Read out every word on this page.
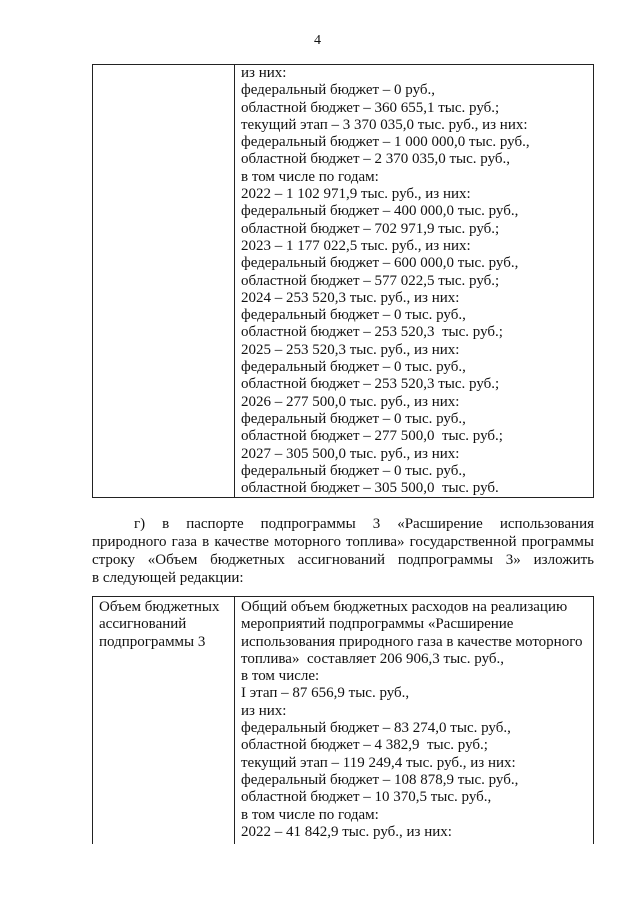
4

из них:
федеральный бюджет – 0 руб.,
областной бюджет – 360 655,1 тыс. руб.;
текущий этап – 3 370 035,0 тыс. руб., из них:
федеральный бюджет – 1 000 000,0 тыс. руб.,
областной бюджет – 2 370 035,0 тыс. руб.,
в том числе по годам:
2022 – 1 102 971,9 тыс. руб., из них:
федеральный бюджет – 400 000,0 тыс. руб.,
областной бюджет – 702 971,9 тыс. руб.;
2023 – 1 177 022,5 тыс. руб., из них:
федеральный бюджет – 600 000,0 тыс. руб.,
областной бюджет – 577 022,5 тыс. руб.;
2024 – 253 520,3 тыс. руб., из них:
федеральный бюджет – 0 тыс. руб.,
областной бюджет – 253 520,3  тыс. руб.;
2025 – 253 520,3 тыс. руб., из них:
федеральный бюджет – 0 тыс. руб.,
областной бюджет – 253 520,3 тыс. руб.;
2026 – 277 500,0 тыс. руб., из них:
федеральный бюджет – 0 тыс. руб.,
областной бюджет – 277 500,0  тыс. руб.;
2027 – 305 500,0 тыс. руб., из них:
федеральный бюджет – 0 тыс. руб.,
областной бюджет – 305 500,0  тыс. руб.
г) в паспорте подпрограммы 3 «Расширение использования
природного газа в качестве моторного топлива» государственной программы
строку «Объем бюджетных ассигнований подпрограммы 3» изложить
в следующей редакции:
Объем бюджетных
ассигнований
подпрограммы 3

Общий объем бюджетных расходов на реализацию
мероприятий подпрограммы «Расширение
использования природного газа в качестве моторного
топлива»  составляет 206 906,3 тыс. руб.,
в том числе:
I этап – 87 656,9 тыс. руб.,
из них:
федеральный бюджет – 83 274,0 тыс. руб.,
областной бюджет – 4 382,9  тыс. руб.;
текущий этап – 119 249,4 тыс. руб., из них:
федеральный бюджет – 108 878,9 тыс. руб.,
областной бюджет – 10 370,5 тыс. руб.,
в том числе по годам:
2022 – 41 842,9 тыс. руб., из них:
